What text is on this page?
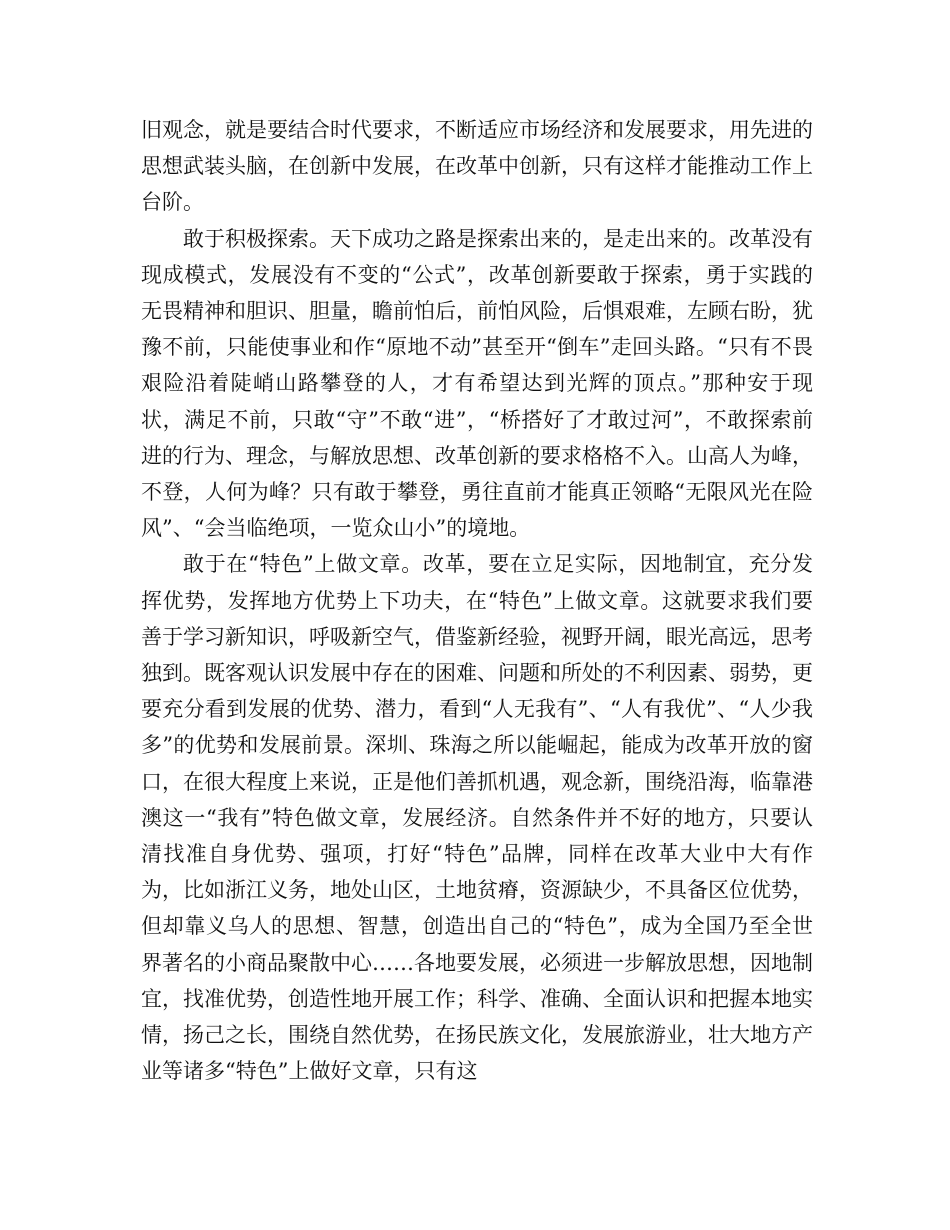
旧观念，就是要结合时代要求，不断适应市场经济和发展要求，用先进的思想武装头脑，在创新中发展，在改革中创新，只有这样才能推动工作上台阶。

敢于积极探索。天下成功之路是探索出来的，是走出来的。改革没有现成模式，发展没有不变的“公式”，改革创新要敢于探索，勇于实践的无畏精神和胆识、胆量，瞻前怕后，前怕风险，后惧艰难，左顾右盼，犹豫不前，只能使事业和作“原地不动”甚至开“倒车”走回头路。“只有不畏艰险沿着陡峭山路攀登的人，才有希望达到光辉的顶点。”那种安于现状，满足不前，只敢“守”不敢“进”，“桥搭好了才敢过河”，不敢探索前进的行为、理念，与解放思想、改革创新的要求格格不入。山高人为峰，不登，人何为峰？只有敢于攀登，勇往直前才能真正领略“无限风光在险风”、“会当临绝项，一览众山小”的境地。

敢于在“特色”上做文章。改革，要在立足实际，因地制宜，充分发挥优势，发挥地方优势上下功夫，在“特色”上做文章。这就要求我们要善于学习新知识，呼吸新空气，借鉴新经验，视野开阔，眼光高远，思考独到。既客观认识发展中存在的困难、问题和所处的不利因素、弱势，更要充分看到发展的优势、潜力，看到“人无我有”、“人有我优”、“人少我多”的优势和发展前景。深圳、珠海之所以能崛起，能成为改革开放的窗口，在很大程度上来说，正是他们善抓机遇，观念新，围绕沿海，临靠港澳这一“我有”特色做文章，发展经济。自然条件并不好的地方，只要认清找准自身优势、强项，打好“特色”品牌，同样在改革大业中大有作为，比如浙江义务，地处山区，土地贫瘠，资源缺少，不具备区位优势，但却靠义乌人的思想、智慧，创造出自己的“特色”，成为全国乃至全世界著名的小商品聚散中心……各地要发展，必须进一步解放思想，因地制宜，找准优势，创造性地开展工作；科学、准确、全面认识和把握本地实情，扬己之长，围绕自然优势，在扬民族文化，发展旅游业，壮大地方产业等诸多“特色”上做好文章，只有这
